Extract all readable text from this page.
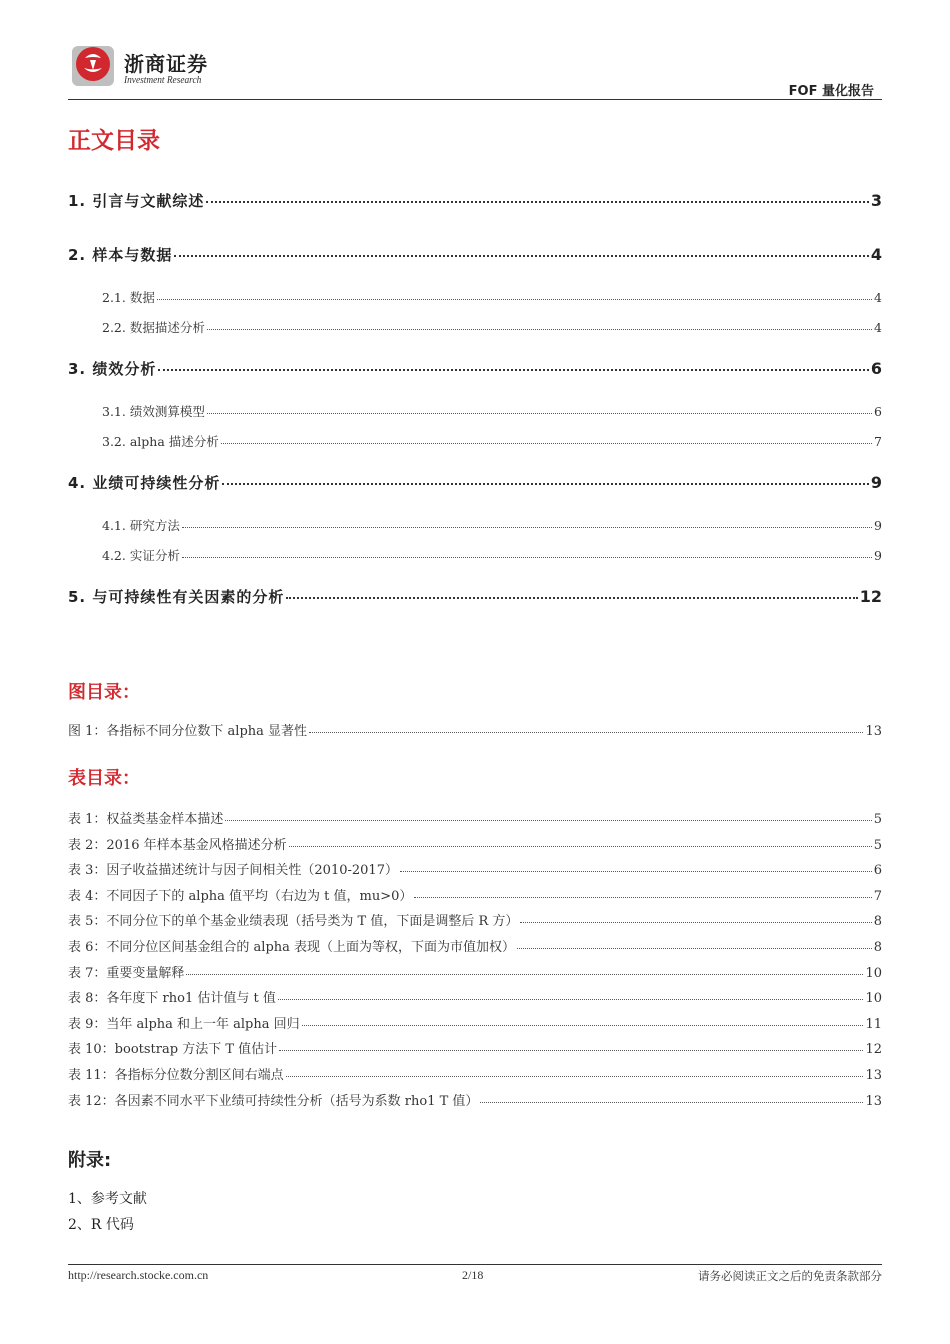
浙商证券
Investment Research
FOF 量化报告
正文目录
1. 引言与文献综述	3
2. 样本与数据	4
2.1. 数据	4
2.2. 数据描述分析	4
3. 绩效分析	6
3.1. 绩效测算模型	6
3.2. alpha 描述分析	7
4. 业绩可持续性分析	9
4.1. 研究方法	9
4.2. 实证分析	9
5. 与可持续性有关因素的分析	12
图目录：
图 1：各指标不同分位数下 alpha 显著性	13
表目录：
表 1：权益类基金样本描述	5
表 2：2016 年样本基金风格描述分析	5
表 3：因子收益描述统计与因子间相关性（2010-2017）	6
表 4：不同因子下的 alpha 值平均（右边为 t 值，mu>0）	7
表 5：不同分位下的单个基金业绩表现（括号类为 T 值，下面是调整后 R 方）	8
表 6：不同分位区间基金组合的 alpha 表现（上面为等权，下面为市值加权）	8
表 7：重要变量解释	10
表 8：各年度下 rho1 估计值与 t 值	10
表 9：当年 alpha 和上一年 alpha 回归	11
表 10：bootstrap 方法下 T 值估计	12
表 11：各指标分位数分割区间右端点	13
表 12：各因素不同水平下业绩可持续性分析（括号为系数 rho1 T 值）	13
附录:
1、参考文献
2、R 代码
http://research.stocke.com.cn	2/18	请务必阅读正文之后的免责条款部分
